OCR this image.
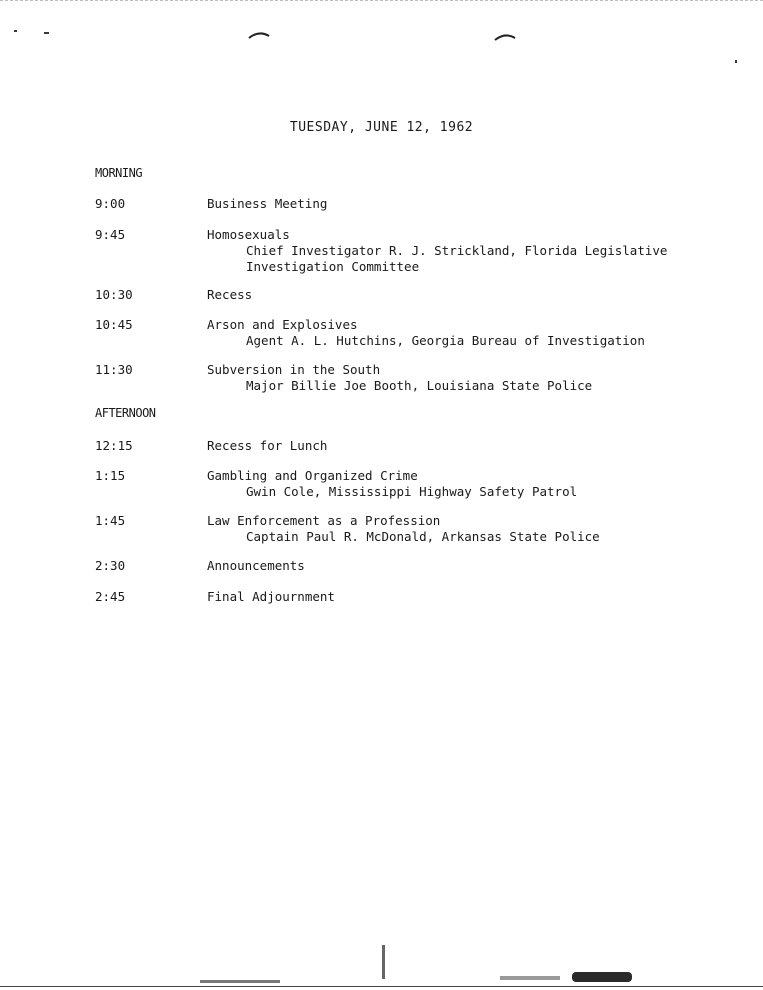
TUESDAY, JUNE 12, 1962
MORNING
9:00	Business Meeting
9:45	Homosexuals
Chief Investigator R. J. Strickland, Florida Legislative
Investigation Committee
10:30	Recess
10:45	Arson and Explosives
Agent A. L. Hutchins, Georgia Bureau of Investigation
11:30	Subversion in the South
Major Billie Joe Booth, Louisiana State Police
AFTERNOON
12:15	Recess for Lunch
1:15	Gambling and Organized Crime
Gwin Cole, Mississippi Highway Safety Patrol
1:45	Law Enforcement as a Profession
Captain Paul R. McDonald, Arkansas State Police
2:30	Announcements
2:45	Final Adjournment
